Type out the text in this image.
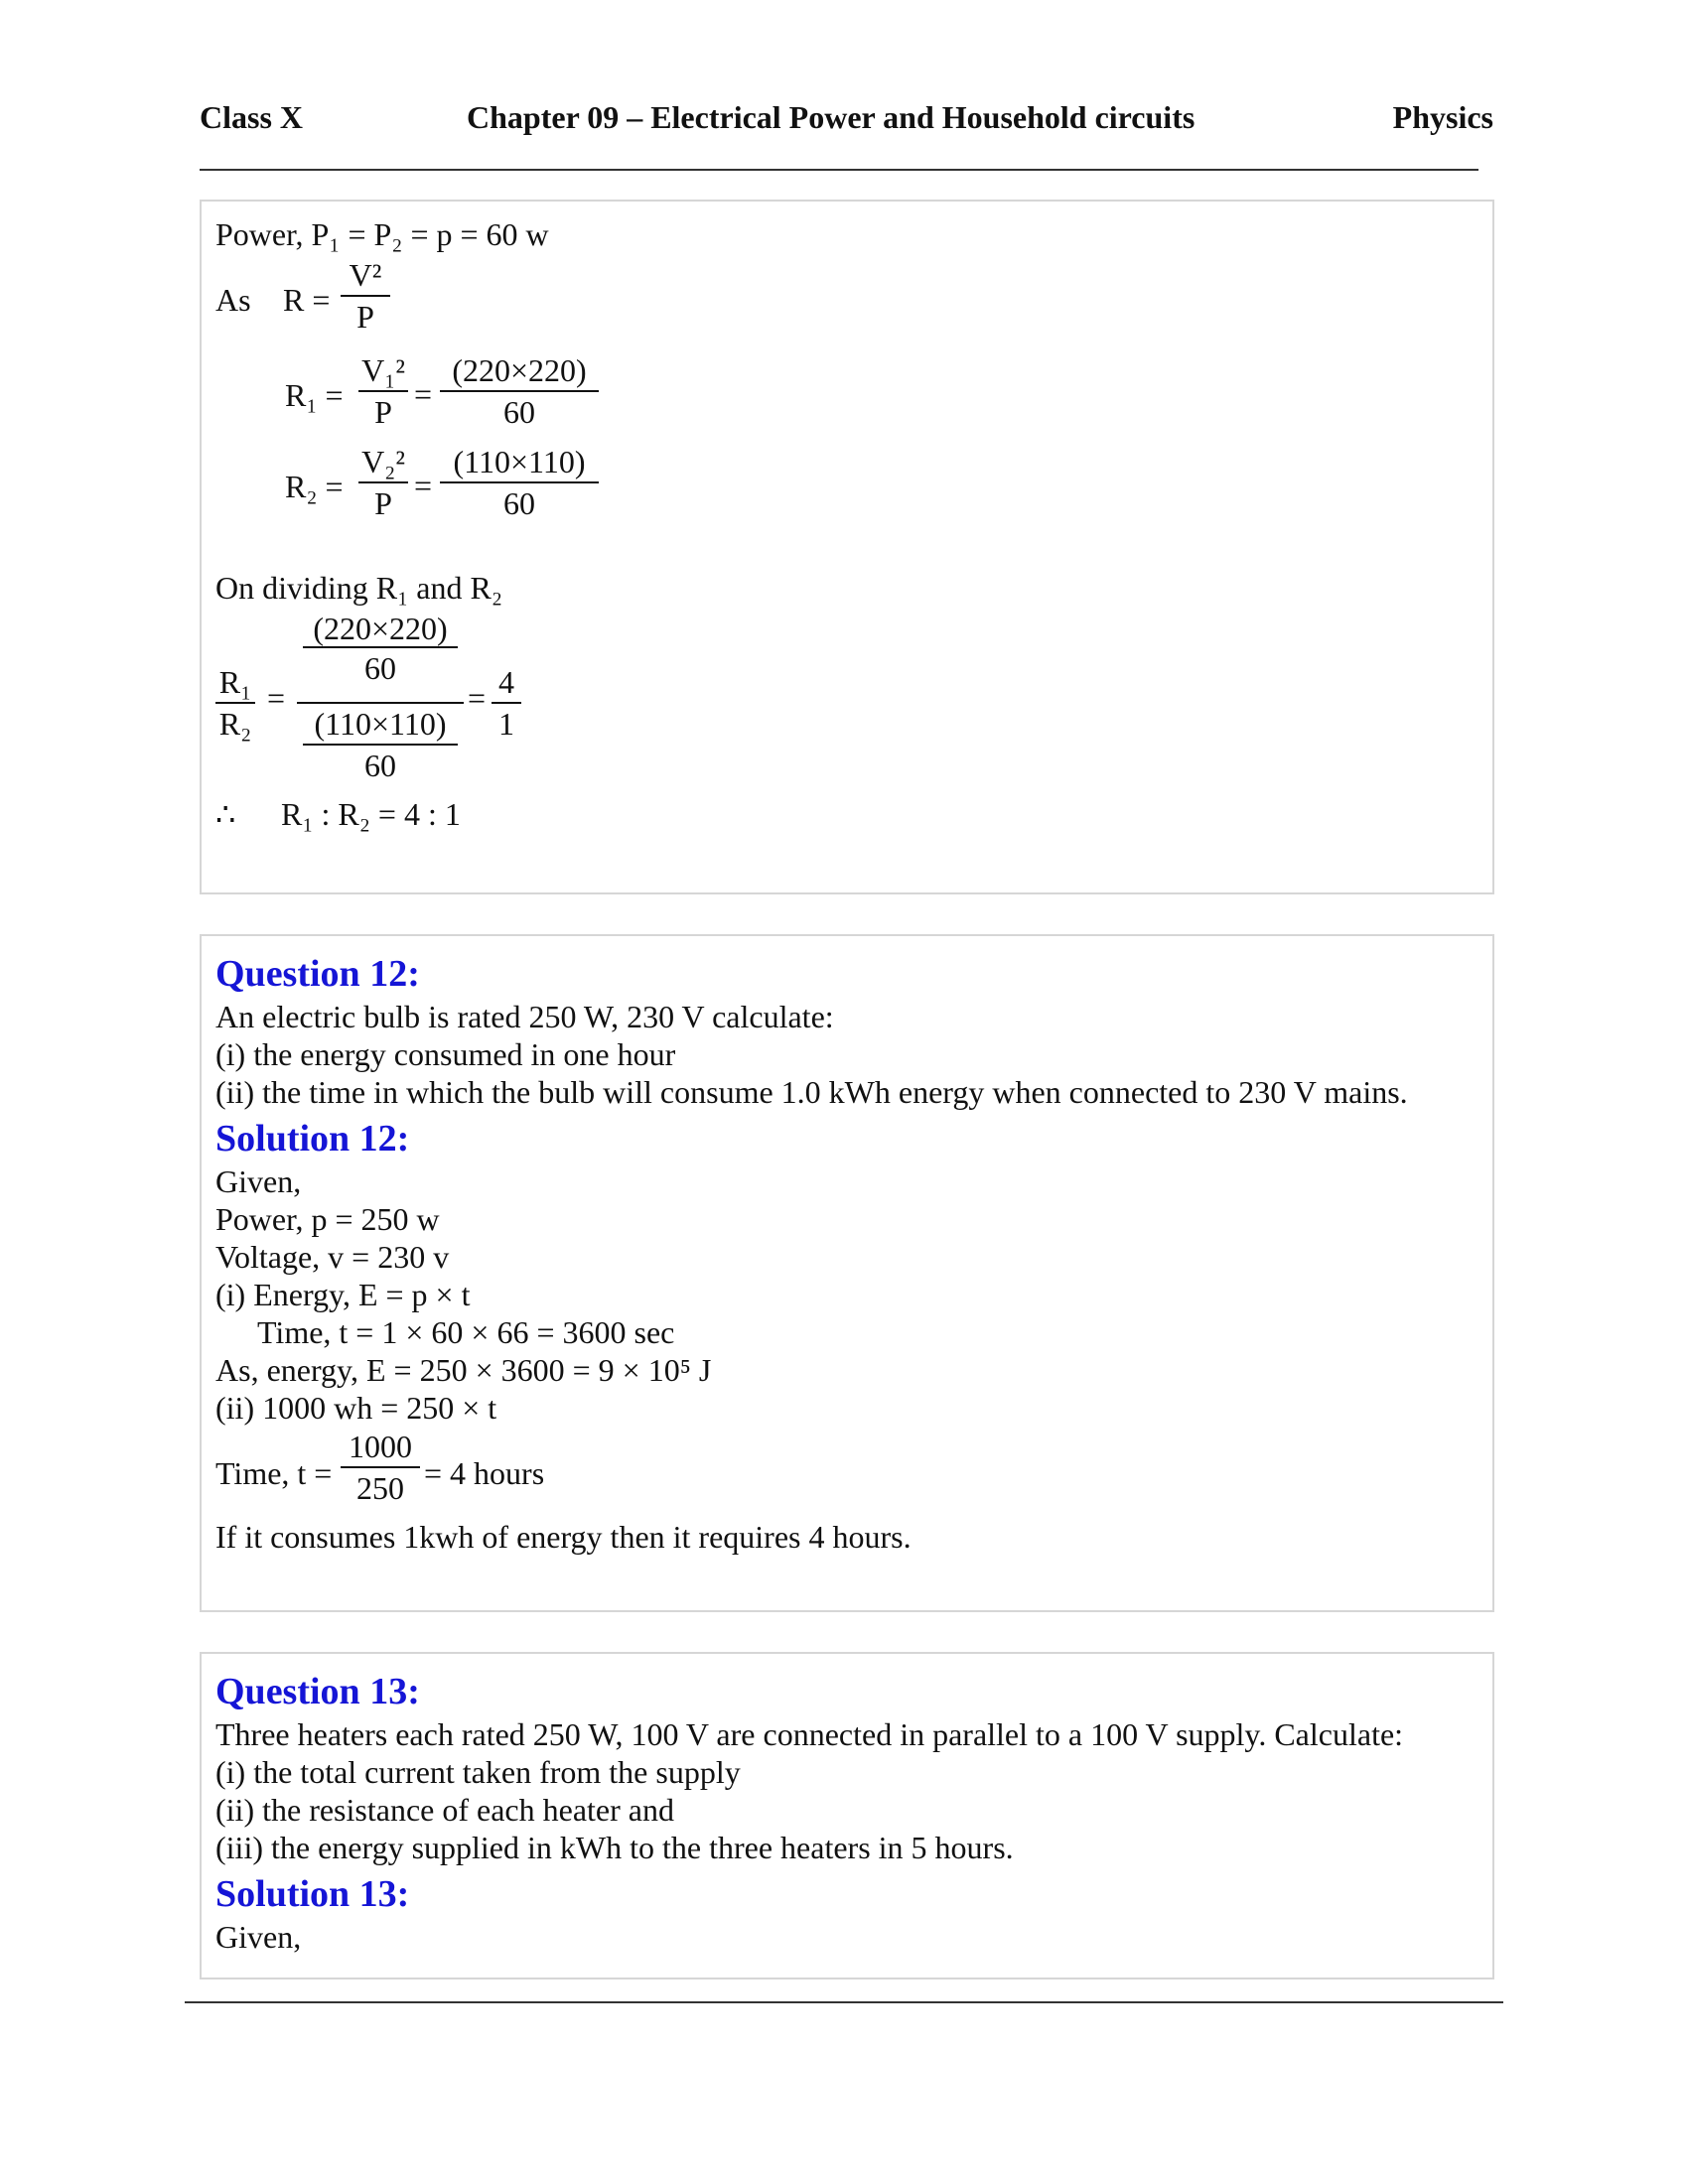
Class X	Chapter 09 – Electrical Power and Household circuits	Physics
Power, P₁ = P₂ = p = 60 w
As $R = \frac{\text{V²}}{P}$
$R_1 = \frac{\text{V₁²}}{P} = \frac{(220\times 220)}{60}$
$R_2 = \frac{\text{V₂²}}{P} = \frac{(110\times 110)}{60}$
On dividing R₁ and R₂
$\frac{\text{R₁}}{\text{R₂}}$ =
$\frac{(220\times 220)}{60}$
$\frac{(110\times 110)}{60}$
= $\frac{4}{1}$
∴ R₁ : R₂ = 4 : 1
Question 12:
An electric bulb is rated 250 W, 230 V calculate:
(i) the energy consumed in one hour
(ii) the time in which the bulb will consume 1.0 kWh energy when connected to 230 V mains.
Solution 12:
Given,
Power, p = 250 w
Voltage, v = 230 v
(i) Energy, E = p × t
Time, t = 1 × 60 × 66 = 3600 sec
As, energy, E = 250 × 3600 = 9 × 10⁵ J
(ii) 1000 wh = 250 × t
Time, $t = \frac{1000}{250} = 4$ hours
If it consumes 1kwh of energy then it requires 4 hours.
Question 13:
Three heaters each rated 250 W, 100 V are connected in parallel to a 100 V supply. Calculate:
(i) the total current taken from the supply
(ii) the resistance of each heater and
(iii) the energy supplied in kWh to the three heaters in 5 hours.
Solution 13:
Given,
